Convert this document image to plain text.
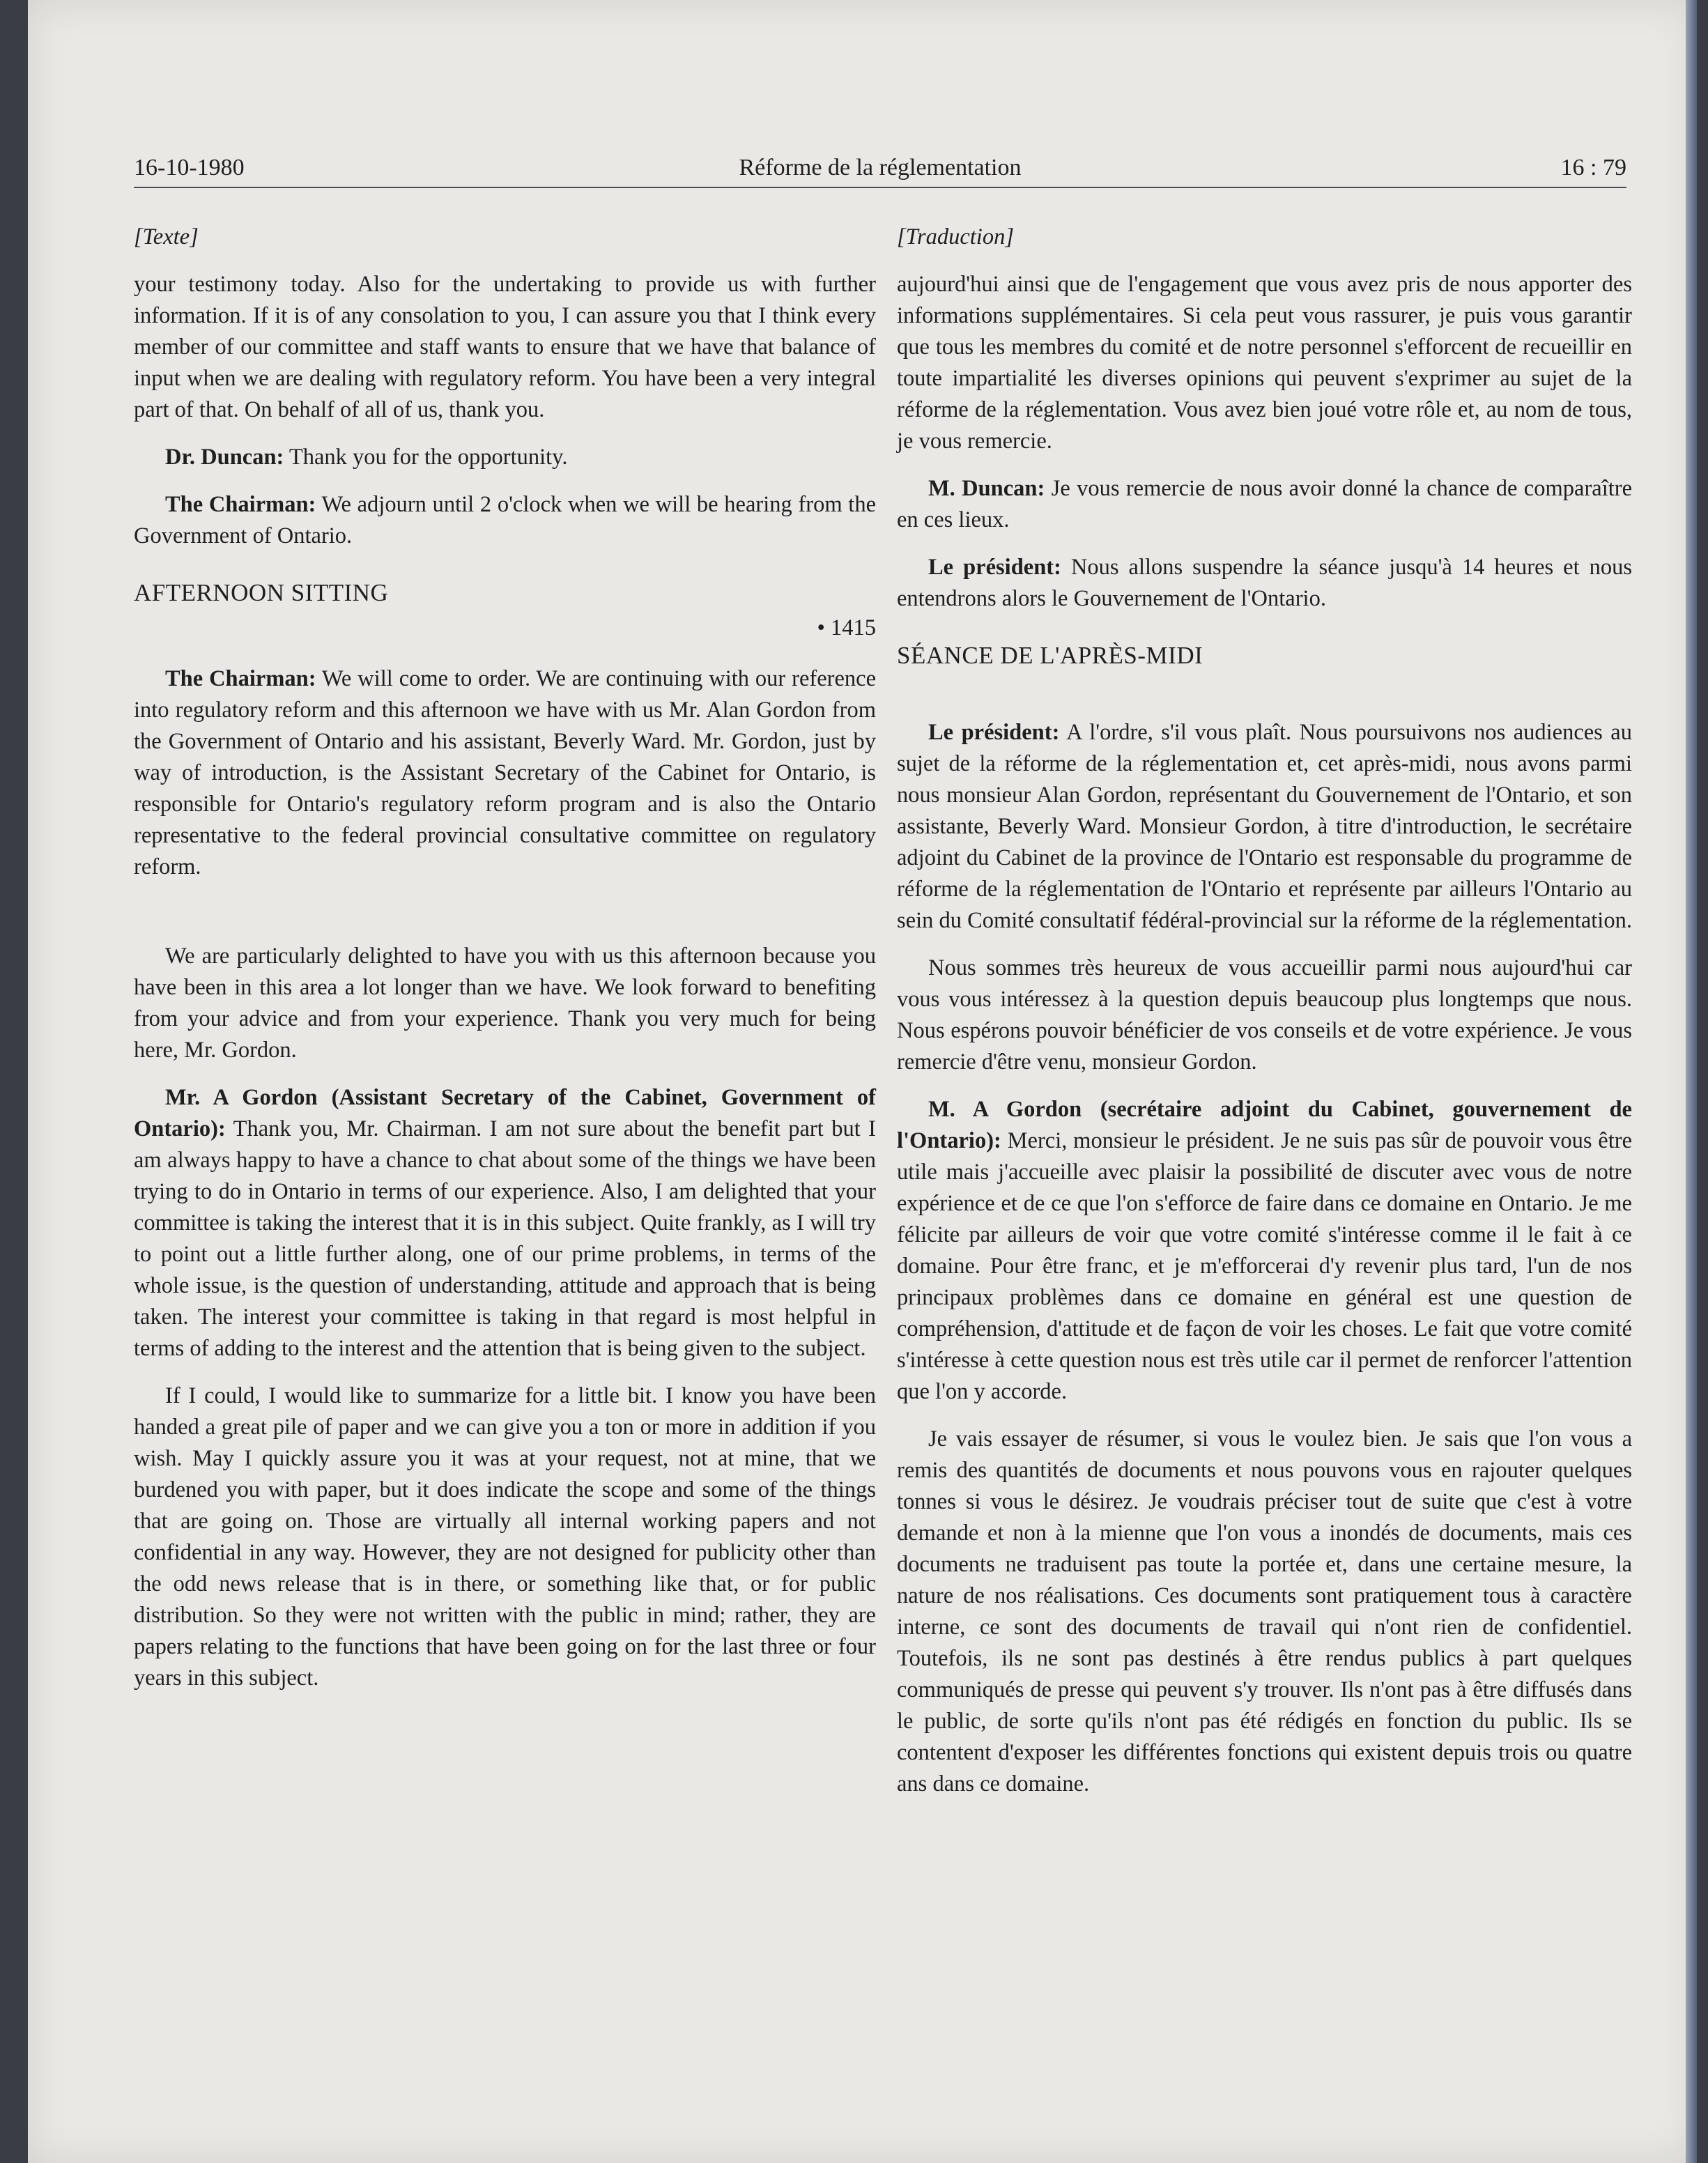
16-10-1980	Réforme de la réglementation	16 : 79

[Texte]

your testimony today. Also for the undertaking to provide us with further information. If it is of any consolation to you, I can assure you that I think every member of our committee and staff wants to ensure that we have that balance of input when we are dealing with regulatory reform. You have been a very integral part of that. On behalf of all of us, thank you.

Dr. Duncan: Thank you for the opportunity.

The Chairman: We adjourn until 2 o'clock when we will be hearing from the Government of Ontario.

AFTERNOON SITTING
• 1415

The Chairman: We will come to order. We are continuing with our reference into regulatory reform and this afternoon we have with us Mr. Alan Gordon from the Government of Ontario and his assistant, Beverly Ward. Mr. Gordon, just by way of introduction, is the Assistant Secretary of the Cabinet for Ontario, is responsible for Ontario's regulatory reform program and is also the Ontario representative to the federal provincial consultative committee on regulatory reform.

We are particularly delighted to have you with us this afternoon because you have been in this area a lot longer than we have. We look forward to benefiting from your advice and from your experience. Thank you very much for being here, Mr. Gordon.

Mr. A Gordon (Assistant Secretary of the Cabinet, Government of Ontario): Thank you, Mr. Chairman. I am not sure about the benefit part but I am always happy to have a chance to chat about some of the things we have been trying to do in Ontario in terms of our experience. Also, I am delighted that your committee is taking the interest that it is in this subject. Quite frankly, as I will try to point out a little further along, one of our prime problems, in terms of the whole issue, is the question of understanding, attitude and approach that is being taken. The interest your committee is taking in that regard is most helpful in terms of adding to the interest and the attention that is being given to the subject.

If I could, I would like to summarize for a little bit. I know you have been handed a great pile of paper and we can give you a ton or more in addition if you wish. May I quickly assure you it was at your request, not at mine, that we burdened you with paper, but it does indicate the scope and some of the things that are going on. Those are virtually all internal working papers and not confidential in any way. However, they are not designed for publicity other than the odd news release that is in there, or something like that, or for public distribution. So they were not written with the public in mind; rather, they are papers relating to the functions that have been going on for the last three or four years in this subject.

[Traduction]

aujourd'hui ainsi que de l'engagement que vous avez pris de nous apporter des informations supplémentaires. Si cela peut vous rassurer, je puis vous garantir que tous les membres du comité et de notre personnel s'efforcent de recueillir en toute impartialité les diverses opinions qui peuvent s'exprimer au sujet de la réforme de la réglementation. Vous avez bien joué votre rôle et, au nom de tous, je vous remercie.

M. Duncan: Je vous remercie de nous avoir donné la chance de comparaître en ces lieux.

Le président: Nous allons suspendre la séance jusqu'à 14 heures et nous entendrons alors le Gouvernement de l'Ontario.

SÉANCE DE L'APRÈS-MIDI

Le président: A l'ordre, s'il vous plaît. Nous poursuivons nos audiences au sujet de la réforme de la réglementation et, cet après-midi, nous avons parmi nous monsieur Alan Gordon, représentant du Gouvernement de l'Ontario, et son assistante, Beverly Ward. Monsieur Gordon, à titre d'introduction, le secrétaire adjoint du Cabinet de la province de l'Ontario est responsable du programme de réforme de la réglementation de l'Ontario et représente par ailleurs l'Ontario au sein du Comité consultatif fédéral-provincial sur la réforme de la réglementation.

Nous sommes très heureux de vous accueillir parmi nous aujourd'hui car vous vous intéressez à la question depuis beaucoup plus longtemps que nous. Nous espérons pouvoir bénéficier de vos conseils et de votre expérience. Je vous remercie d'être venu, monsieur Gordon.

M. A Gordon (secrétaire adjoint du Cabinet, gouvernement de l'Ontario): Merci, monsieur le président. Je ne suis pas sûr de pouvoir vous être utile mais j'accueille avec plaisir la possibilité de discuter avec vous de notre expérience et de ce que l'on s'efforce de faire dans ce domaine en Ontario. Je me félicite par ailleurs de voir que votre comité s'intéresse comme il le fait à ce domaine. Pour être franc, et je m'efforcerai d'y revenir plus tard, l'un de nos principaux problèmes dans ce domaine en général est une question de compréhension, d'attitude et de façon de voir les choses. Le fait que votre comité s'intéresse à cette question nous est très utile car il permet de renforcer l'attention que l'on y accorde.

Je vais essayer de résumer, si vous le voulez bien. Je sais que l'on vous a remis des quantités de documents et nous pouvons vous en rajouter quelques tonnes si vous le désirez. Je voudrais préciser tout de suite que c'est à votre demande et non à la mienne que l'on vous a inondés de documents, mais ces documents ne traduisent pas toute la portée et, dans une certaine mesure, la nature de nos réalisations. Ces documents sont pratiquement tous à caractère interne, ce sont des documents de travail qui n'ont rien de confidentiel. Toutefois, ils ne sont pas destinés à être rendus publics à part quelques communiqués de presse qui peuvent s'y trouver. Ils n'ont pas à être diffusés dans le public, de sorte qu'ils n'ont pas été rédigés en fonction du public. Ils se contentent d'exposer les différentes fonctions qui existent depuis trois ou quatre ans dans ce domaine.
